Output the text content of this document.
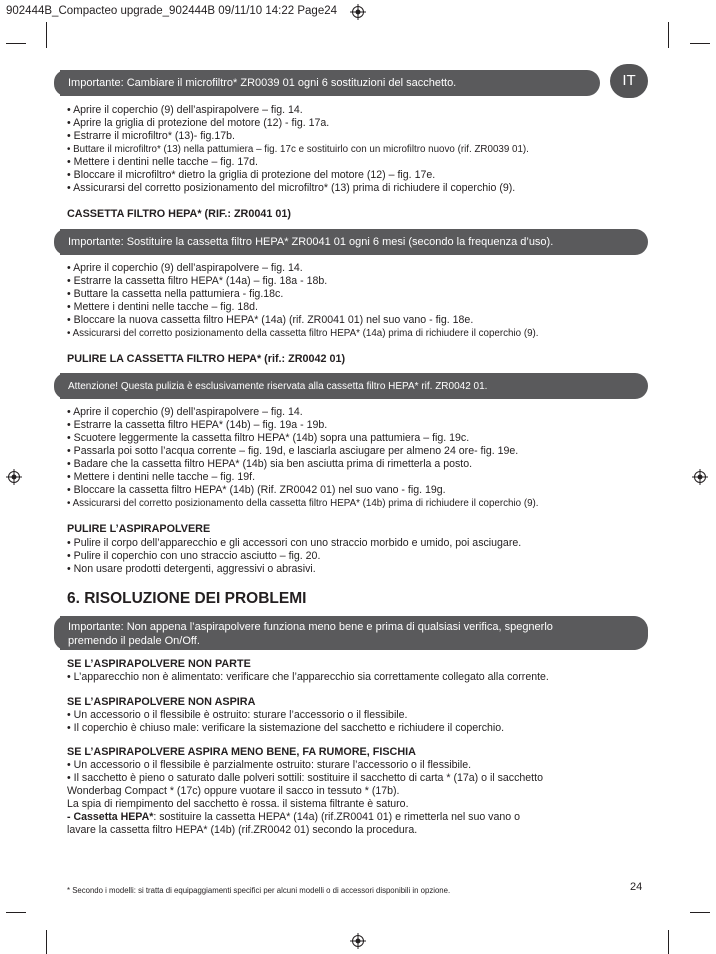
902444B_Compacteo upgrade_902444B 09/11/10 14:22 Page24
IT
Importante: Cambiare il microfiltro* ZR0039 01 ogni 6 sostituzioni del sacchetto.
• Aprire il coperchio (9) dell’aspirapolvere – fig. 14.
• Aprire la griglia di protezione del motore (12) - fig. 17a.
• Estrarre il microfiltro* (13)- fig.17b.
• Buttare il microfiltro* (13) nella pattumiera – fig. 17c e sostituirlo con un microfiltro nuovo (rif. ZR0039 01).
• Mettere i dentini nelle tacche – fig. 17d.
• Bloccare il microfiltro* dietro la griglia di protezione del motore (12) – fig. 17e.
• Assicurarsi del corretto posizionamento del microfiltro* (13) prima di richiudere il coperchio (9).
CASSETTA FILTRO HEPA* (RIF.: ZR0041 01)
Importante: Sostituire la cassetta filtro HEPA* ZR0041 01 ogni 6 mesi (secondo la frequenza d’uso).
• Aprire il coperchio (9) dell’aspirapolvere – fig. 14.
• Estrarre la cassetta filtro HEPA* (14a) – fig. 18a - 18b.
• Buttare la cassetta nella pattumiera - fig.18c.
• Mettere i dentini nelle tacche – fig. 18d.
• Bloccare la nuova cassetta filtro HEPA* (14a) (rif. ZR0041 01) nel suo vano - fig. 18e.
• Assicurarsi del corretto posizionamento della cassetta filtro HEPA* (14a) prima di richiudere il coperchio (9).
PULIRE LA CASSETTA FILTRO HEPA* (rif.: ZR0042 01)
Attenzione! Questa pulizia è esclusivamente riservata alla cassetta filtro HEPA* rif. ZR0042 01.
• Aprire il coperchio (9) dell’aspirapolvere – fig. 14.
• Estrarre la cassetta filtro HEPA* (14b) – fig. 19a - 19b.
• Scuotere leggermente la cassetta filtro HEPA* (14b) sopra una pattumiera – fig. 19c.
• Passarla poi sotto l’acqua corrente – fig. 19d, e lasciarla asciugare per almeno 24 ore- fig. 19e.
• Badare che la cassetta filtro HEPA* (14b) sia ben asciutta prima di rimetterla a posto.
• Mettere i dentini nelle tacche – fig. 19f.
• Bloccare la cassetta filtro HEPA* (14b) (Rif. ZR0042 01) nel suo vano - fig. 19g.
• Assicurarsi del corretto posizionamento della cassetta filtro HEPA* (14b) prima di richiudere il coperchio (9).
PULIRE L’ASPIRAPOLVERE
• Pulire il corpo dell’apparecchio e gli accessori con uno straccio morbido e umido, poi asciugare.
• Pulire il coperchio con uno straccio asciutto – fig. 20.
• Non usare prodotti detergenti, aggressivi o abrasivi.
6. RISOLUZIONE DEI PROBLEMI
Importante: Non appena l’aspirapolvere funziona meno bene e prima di qualsiasi verifica, spegnerlo
premendo il pedale On/Off.
SE L’ASPIRAPOLVERE NON PARTE
• L’apparecchio non è alimentato: verificare che l’apparecchio sia correttamente collegato alla corrente.
SE L’ASPIRAPOLVERE NON ASPIRA
• Un accessorio o il flessibile è ostruito: sturare l’accessorio o il flessibile.
• Il coperchio è chiuso male: verificare la sistemazione del sacchetto e richiudere il coperchio.
SE L’ASPIRAPOLVERE ASPIRA MENO BENE, FA RUMORE, FISCHIA
• Un accessorio o il flessibile è parzialmente ostruito: sturare l’accessorio o il flessibile.
• Il sacchetto è pieno o saturato dalle polveri sottili: sostituire il sacchetto di carta * (17a) o il sacchetto
Wonderbag Compact * (17c) oppure vuotare il sacco in tessuto * (17b).
La spia di riempimento del sacchetto è rossa. il sistema filtrante è saturo.
- Cassetta HEPA*: sostituire la cassetta HEPA* (14a) (rif.ZR0041 01) e rimetterla nel suo vano o
lavare la cassetta filtro HEPA* (14b) (rif.ZR0042 01) secondo la procedura.
* Secondo i modelli: si tratta di equipaggiamenti specifici per alcuni modelli o di accessori disponibili in opzione.	24
